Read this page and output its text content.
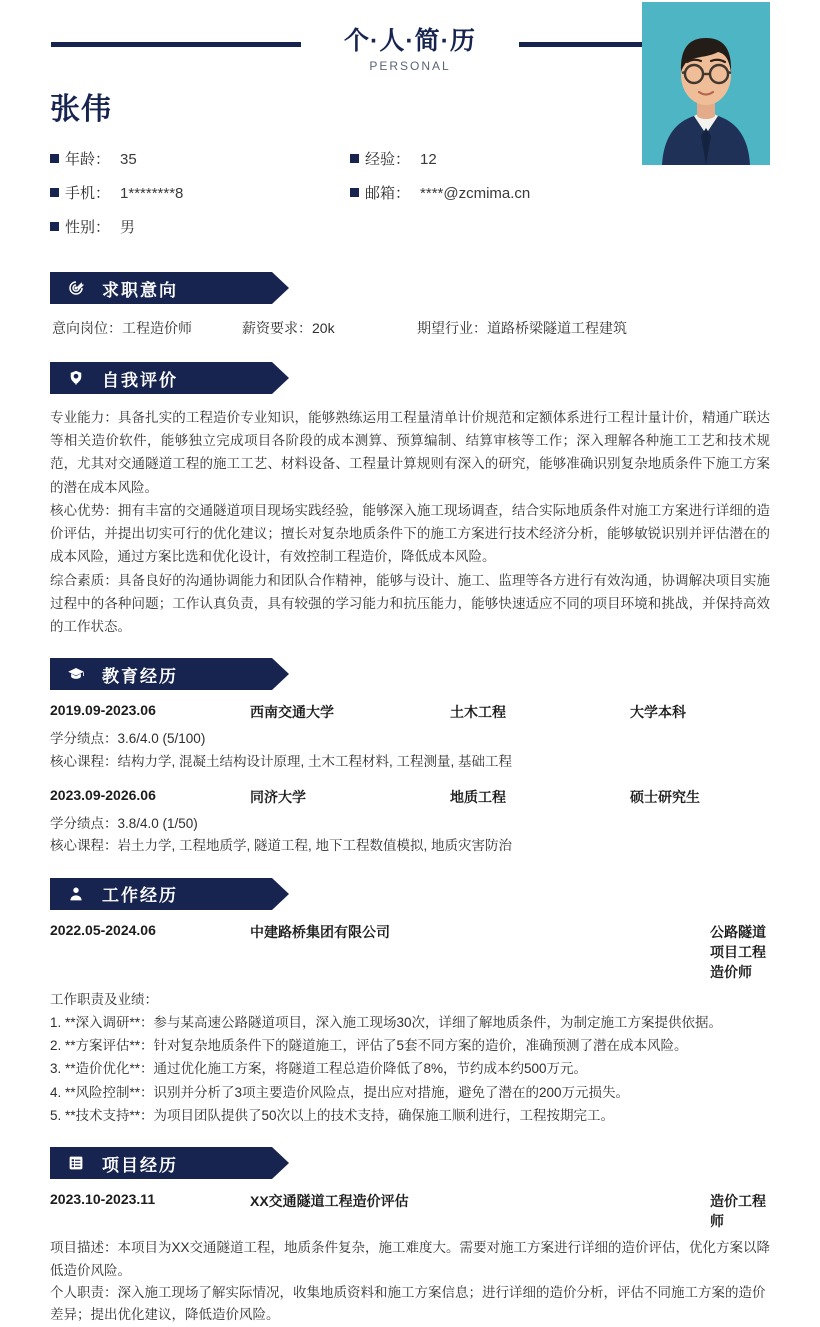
个·人·简·历
PERSONAL
张伟
年龄： 35	经验： 12
手机： 1********8	邮箱： ****@zcmima.cn
性别： 男
求职意向
意向岗位：工程造价师	薪资要求：20k	期望行业：道路桥梁隧道工程建筑
自我评价

专业能力：具备扎实的工程造价专业知识，能够熟练运用工程量清单计价规范和定额体系进行工程计量计价，精通广联达等相关造价软件，能够独立完成项目各阶段的成本测算、预算编制、结算审核等工作；深入理解各种施工工艺和技术规范，尤其对交通隧道工程的施工工艺、材料设备、工程量计算规则有深入的研究，能够准确识别复杂地质条件下施工方案的潜在成本风险。

核心优势：拥有丰富的交通隧道项目现场实践经验，能够深入施工现场调查，结合实际地质条件对施工方案进行详细的造价评估，并提出切实可行的优化建议；擅长对复杂地质条件下的施工方案进行技术经济分析，能够敏锐识别并评估潜在的成本风险，通过方案比选和优化设计，有效控制工程造价，降低成本风险。

综合素质：具备良好的沟通协调能力和团队合作精神，能够与设计、施工、监理等各方进行有效沟通，协调解决项目实施过程中的各种问题；工作认真负责，具有较强的学习能力和抗压能力，能够快速适应不同的项目环境和挑战，并保持高效的工作状态。

教育经历
2019.09-2023.06	西南交通大学	土木工程	大学本科
学分绩点：3.6/4.0 (5/100)
核心课程：结构力学, 混凝土结构设计原理, 土木工程材料, 工程测量, 基础工程
2023.09-2026.06	同济大学	地质工程	硕士研究生
学分绩点：3.8/4.0 (1/50)
核心课程：岩土力学, 工程地质学, 隧道工程, 地下工程数值模拟, 地质灾害防治
工作经历
2022.05-2024.06	中建路桥集团有限公司	公路隧道项目工程造价师
工作职责及业绩：
1. **深入调研**：参与某高速公路隧道项目，深入施工现场30次，详细了解地质条件，为制定施工方案提供依据。
2. **方案评估**：针对复杂地质条件下的隧道施工，评估了5套不同方案的造价，准确预测了潜在成本风险。
3. **造价优化**：通过优化施工方案，将隧道工程总造价降低了8%，节约成本约500万元。
4. **风险控制**：识别并分析了3项主要造价风险点，提出应对措施，避免了潜在的200万元损失。
5. **技术支持**：为项目团队提供了50次以上的技术支持，确保施工顺利进行，工程按期完工。
项目经历
2023.10-2023.11	XX交通隧道工程造价评估	造价工程师
项目描述：本项目为XX交通隧道工程，地质条件复杂，施工难度大。需要对施工方案进行详细的造价评估，优化方案以降低造价风险。
个人职责：深入施工现场了解实际情况，收集地质资料和施工方案信息；进行详细的造价分析，评估不同施工方案的造价差异；提出优化建议，降低造价风险。
